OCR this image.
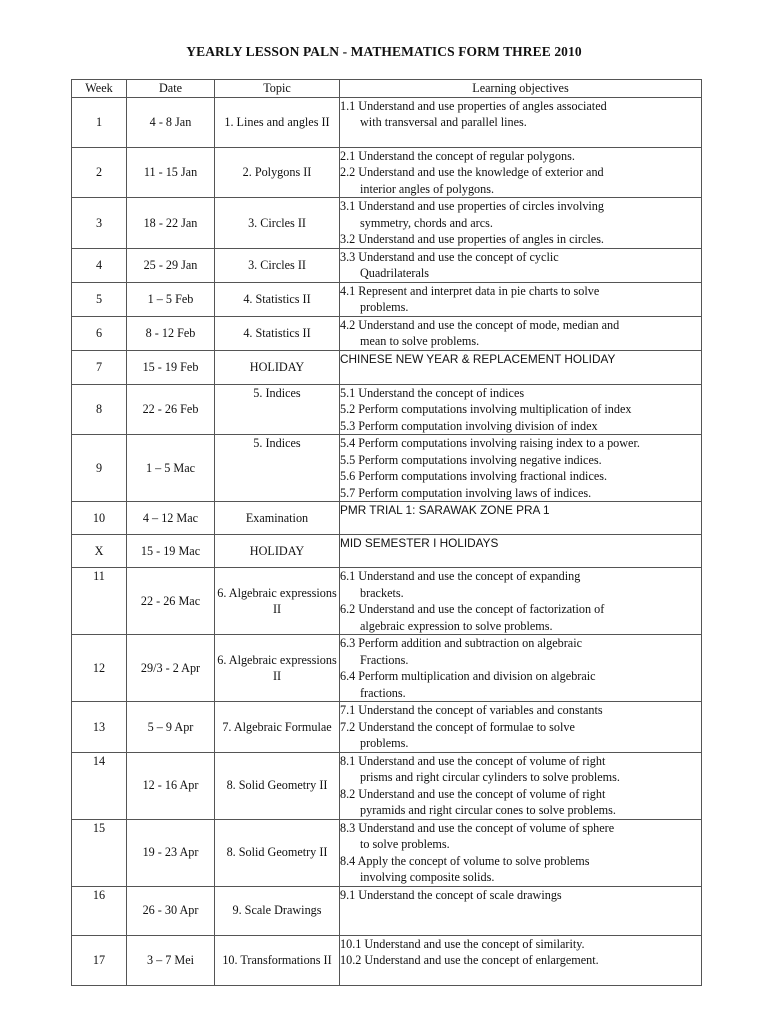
YEARLY LESSON PALN - MATHEMATICS FORM THREE 2010
Week	Date	Topic	Learning objectives
1	4 - 8 Jan	1. Lines and angles II	1.1 Understand and use properties of angles associated
with transversal and parallel lines.

2	11 - 15 Jan	2. Polygons II	2.1 Understand the concept of regular polygons.
2.2 Understand and use the knowledge of exterior and
interior angles of polygons.

3	18 - 22 Jan	3. Circles II	3.1 Understand and use properties of circles involving
symmetry, chords and arcs.
3.2 Understand and use properties of angles in circles.

4	25 - 29 Jan	3. Circles II	3.3 Understand and use the concept of cyclic
Quadrilaterals

5	1 – 5 Feb	4. Statistics II	4.1 Represent and interpret data in pie charts to solve
problems.

6	8 - 12 Feb	4. Statistics II	4.2 Understand and use the concept of mode, median and
mean to solve problems.

7	15 - 19 Feb	HOLIDAY	CHINESE NEW YEAR & REPLACEMENT HOLIDAY

8	22 - 26 Feb	5. Indices	5.1 Understand the concept of indices
5.2 Perform computations involving multiplication of index
5.3 Perform computation involving division of index

9	1 – 5 Mac	5. Indices	5.4 Perform computations involving raising index to a power.
5.5 Perform computations involving negative indices.
5.6 Perform computations involving fractional indices.
5.7 Perform computation involving laws of indices.

10	4 – 12 Mac	Examination	PMR TRIAL 1: SARAWAK ZONE PRA 1

X	15 - 19 Mac	HOLIDAY	MID SEMESTER I HOLIDAYS

11	22 - 26 Mac	6. Algebraic expressions II	6.1 Understand and use the concept of expanding
brackets.
6.2 Understand and use the concept of factorization of
algebraic expression to solve problems.

12	29/3 - 2 Apr	6. Algebraic expressions II	6.3 Perform addition and subtraction on algebraic
Fractions.
6.4 Perform multiplication and division on algebraic
fractions.

13	5 – 9 Apr	7. Algebraic Formulae	7.1 Understand the concept of variables and constants
7.2 Understand the concept of formulae to solve
problems.

14	12 - 16 Apr	8. Solid Geometry II	8.1 Understand and use the concept of volume of right
prisms and right circular cylinders to solve problems.
8.2 Understand and use the concept of volume of right
pyramids and right circular cones to solve problems.

15	19 - 23 Apr	8. Solid Geometry II	8.3 Understand and use the concept of volume of sphere
to solve problems.
8.4 Apply the concept of volume to solve problems
involving composite solids.

16	26 - 30 Apr	9. Scale Drawings	9.1 Understand the concept of scale drawings

17	3 – 7 Mei	10. Transformations II	10.1 Understand and use the concept of similarity.
10.2 Understand and use the concept of enlargement.
